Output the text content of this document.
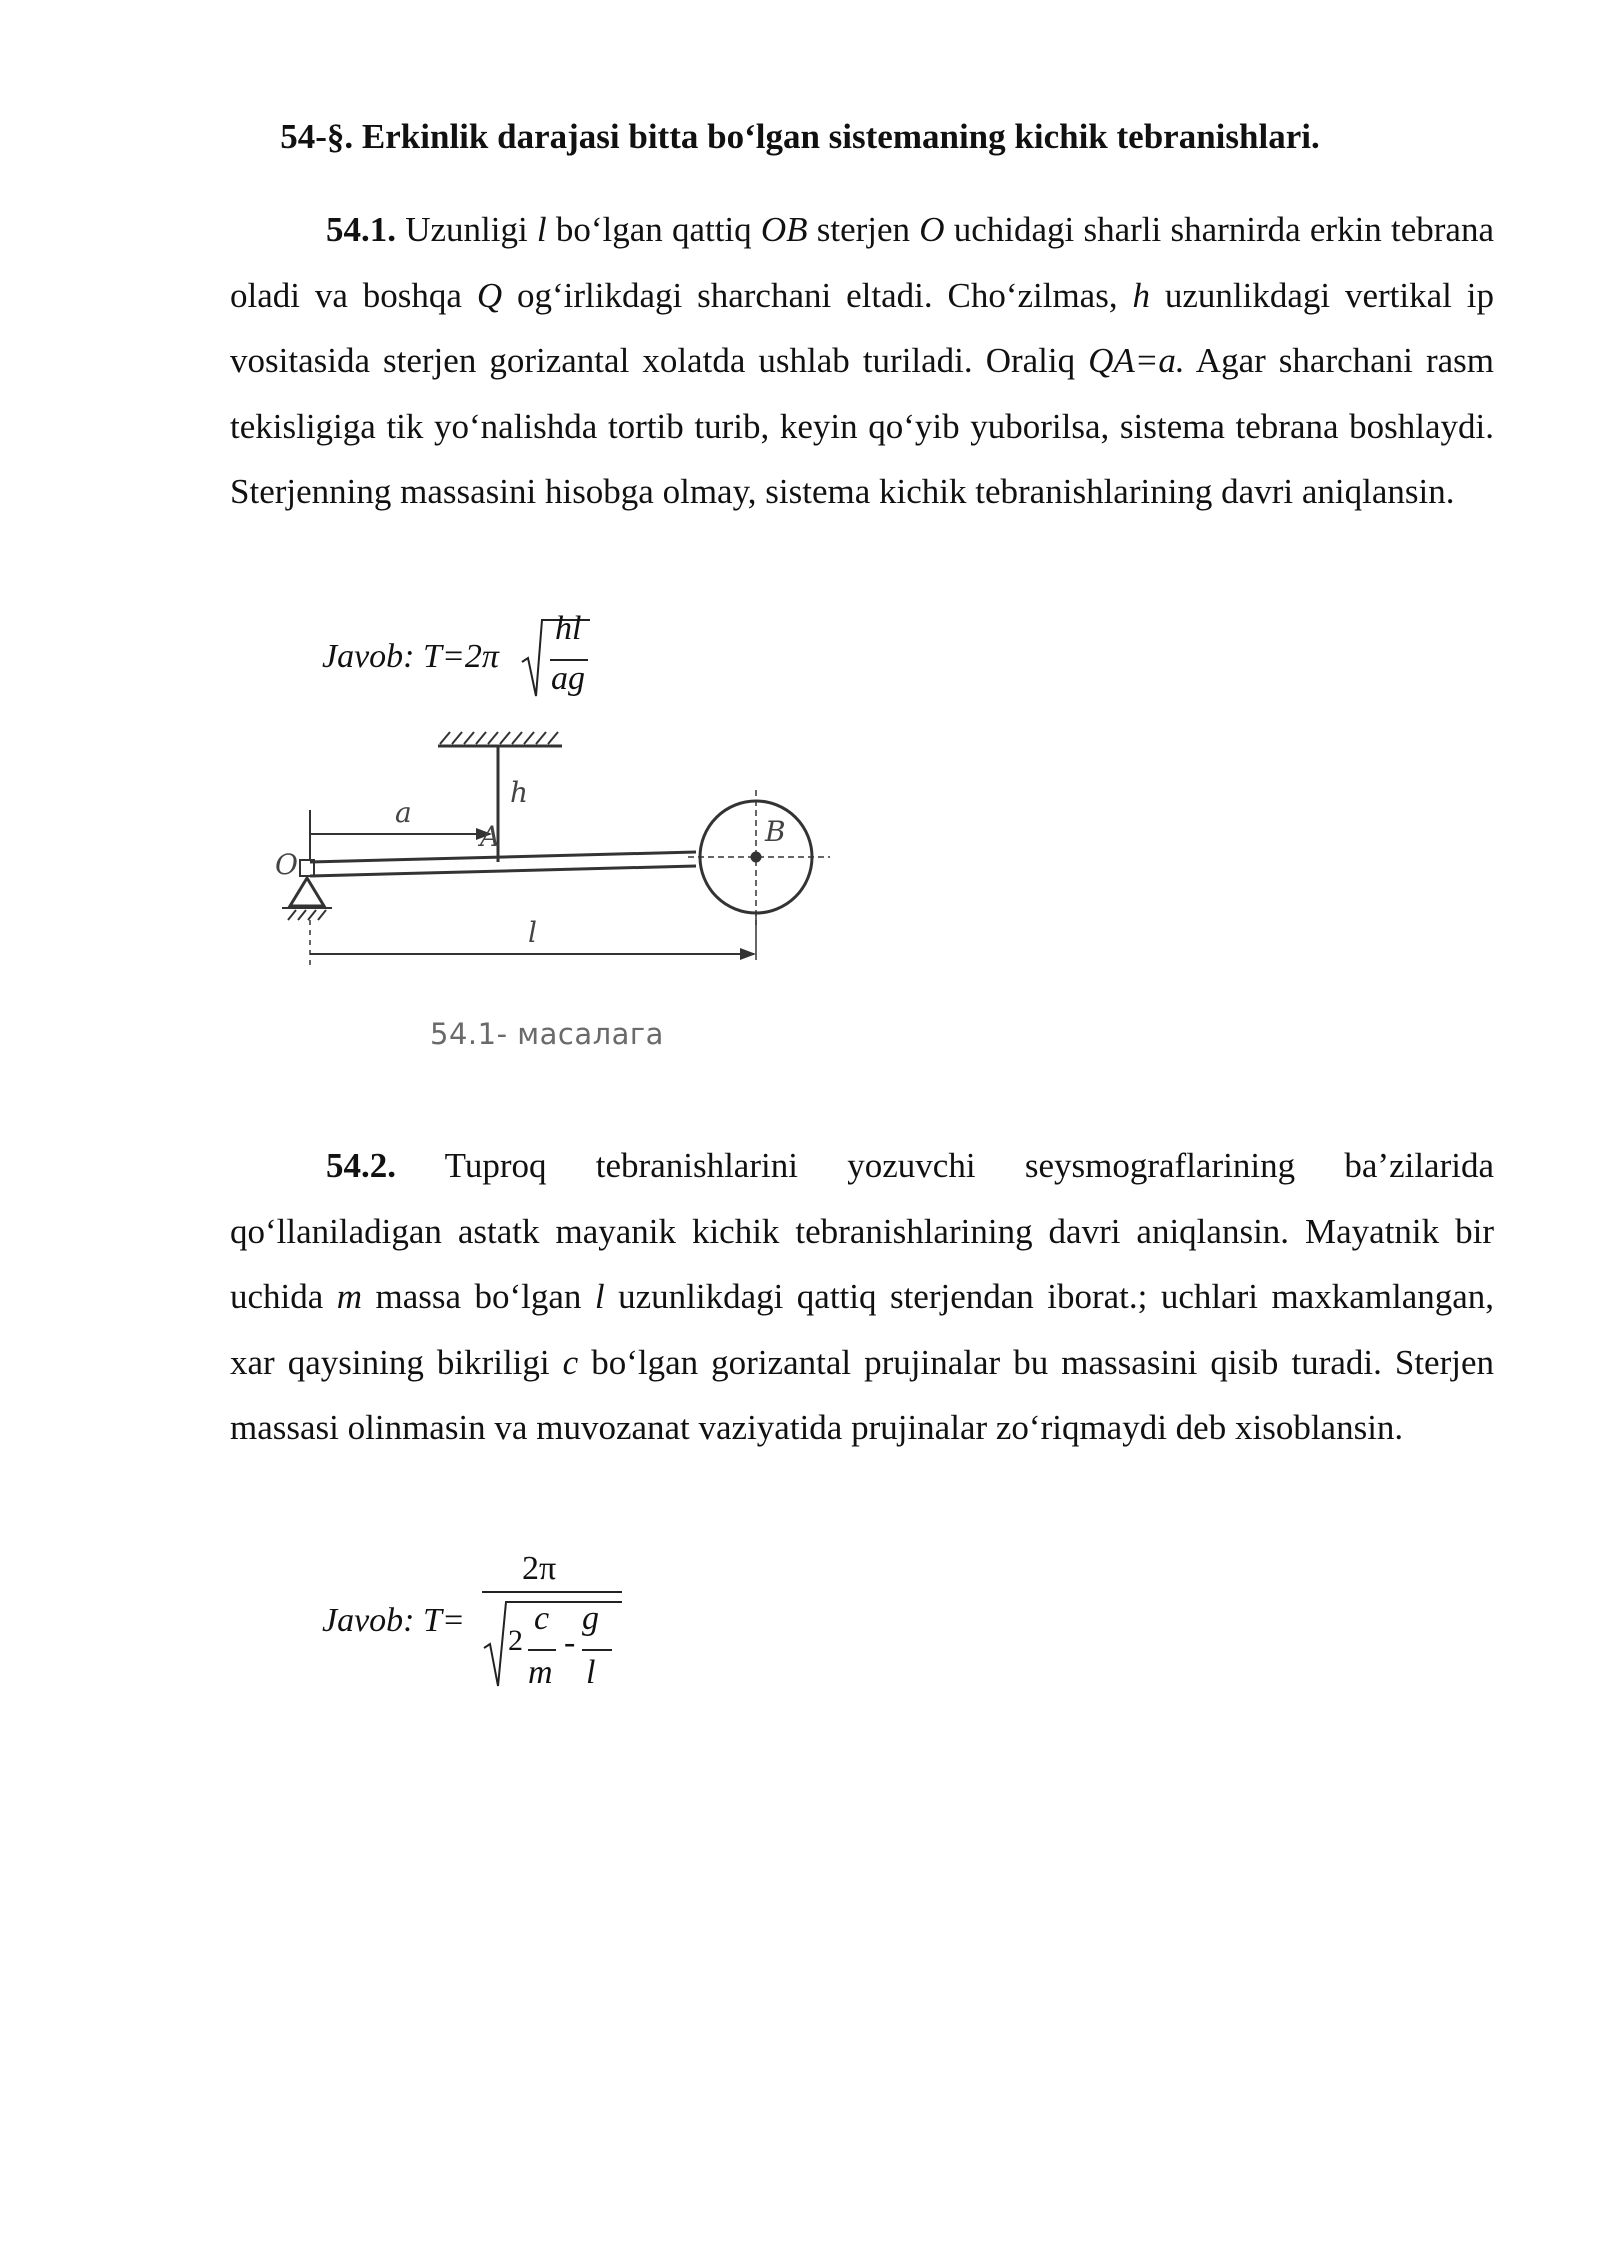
54-§. Erkinlik darajasi bitta bo‘lgan sistemaning kichik tebranishlari.

54.1. Uzunligi l bo‘lgan qattiq OB sterjen O uchidagi sharli sharnirda erkin tebrana oladi va boshqa Q og‘irlikdagi sharchani eltadi. Cho‘zilmas, h uzunlikdagi vertikal ip vositasida sterjen gorizantal xolatda ushlab turiladi. Oraliq QA=a. Agar sharchani rasm tekisligiga tik yo‘nalishda tortib turib, keyin qo‘yib yuborilsa, sistema tebrana boshlaydi. Sterjenning massasini hisobga olmay, sistema kichik tebranishlarining davri aniqlansin.

Javob: T=2π
hl
ag
O
A	B
a
h
l
54.1- масалага

54.2. Tuproq tebranishlarini yozuvchi seysmograflarining ba’zilarida qo‘llaniladigan astatk mayanik kichik tebranishlarining davri aniqlansin. Mayatnik bir uchida m massa bo‘lgan l uzunlikdagi qattiq sterjendan iborat.; uchlari maxkamlangan, xar qaysining bikriligi c bo‘lgan gorizantal prujinalar bu massasini qisib turadi. Sterjen massasi olinmasin va muvozanat vaziyatida prujinalar zo‘riqmaydi deb xisoblansin.

Javob: T=
2π
2
c
m
-
g
l
